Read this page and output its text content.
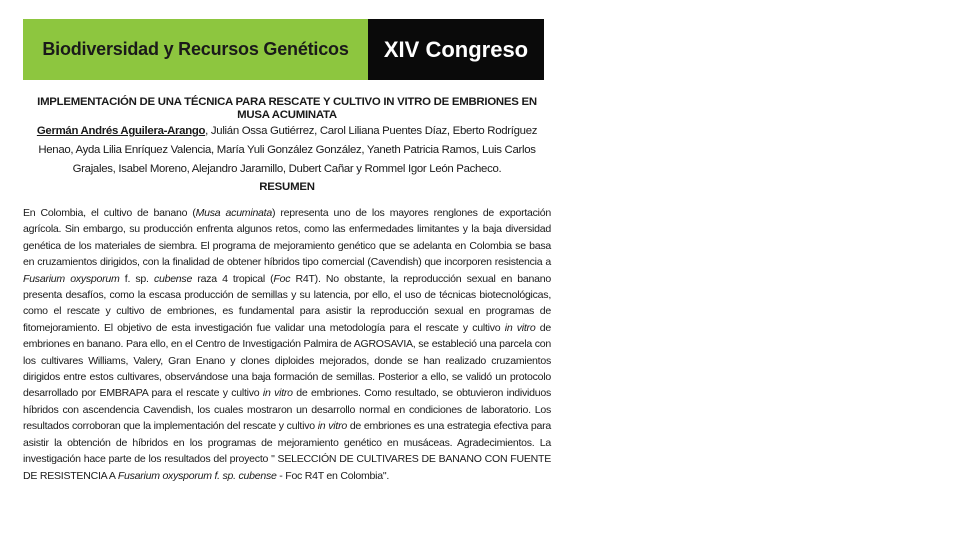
Biodiversidad y Recursos Genéticos	XIV Congreso

IMPLEMENTACIÓN DE UNA TÉCNICA PARA RESCATE Y CULTIVO IN VITRO DE EMBRIONES EN MUSA ACUMINATA

Germán Andrés Aguilera-Arango, Julián Ossa Gutiérrez, Carol Liliana Puentes Díaz, Eberto Rodríguez Henao, Ayda Lilia Enríquez Valencia, María Yuli González González, Yaneth Patricia Ramos, Luis Carlos Grajales, Isabel Moreno, Alejandro Jaramillo, Dubert Cañar y Rommel Igor León Pacheco.

RESUMEN

En Colombia, el cultivo de banano (Musa acuminata) representa uno de los mayores renglones de exportación agrícola. Sin embargo, su producción enfrenta algunos retos, como las enfermedades limitantes y la baja diversidad genética de los materiales de siembra. El programa de mejoramiento genético que se adelanta en Colombia se basa en cruzamientos dirigidos, con la finalidad de obtener híbridos tipo comercial (Cavendish) que incorporen resistencia a Fusarium oxysporum f. sp. cubense raza 4 tropical (Foc R4T). No obstante, la reproducción sexual en banano presenta desafíos, como la escasa producción de semillas y su latencia, por ello, el uso de técnicas biotecnológicas, como el rescate y cultivo de embriones, es fundamental para asistir la reproducción sexual en programas de fitomejoramiento. El objetivo de esta investigación fue validar una metodología para el rescate y cultivo in vitro de embriones en banano. Para ello, en el Centro de Investigación Palmira de AGROSAVIA, se estableció una parcela con los cultivares Williams, Valery, Gran Enano y clones diploides mejorados, donde se han realizado cruzamientos dirigidos entre estos cultivares, observándose una baja formación de semillas. Posterior a ello, se validó un protocolo desarrollado por EMBRAPA para el rescate y cultivo in vitro de embriones. Como resultado, se obtuvieron individuos híbridos con ascendencia Cavendish, los cuales mostraron un desarrollo normal en condiciones de laboratorio. Los resultados corroboran que la implementación del rescate y cultivo in vitro de embriones es una estrategia efectiva para asistir la obtención de híbridos en los programas de mejoramiento genético en musáceas. Agradecimientos. La investigación hace parte de los resultados del proyecto " SELECCIÓN DE CULTIVARES DE BANANO CON FUENTE DE RESISTENCIA A Fusarium oxysporum f. sp. cubense - Foc R4T en Colombia".
